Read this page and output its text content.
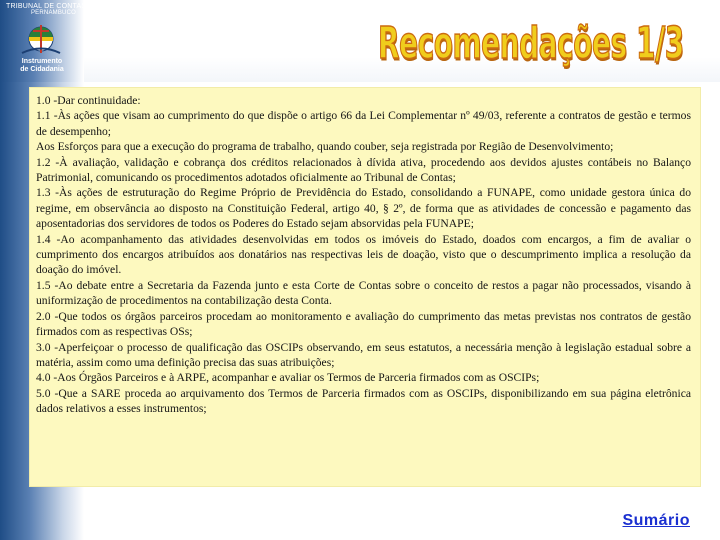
TRIBUNAL DE CONTAS
PERNAMBUCO
Instrumento
de Cidadania
Recomendações 1/3

1.0 -Dar continuidade:

1.1 -Às ações que visam ao cumprimento do que dispõe o artigo 66 da Lei Complementar nº 49/03, referente a contratos de gestão e termos de desempenho;

Aos Esforços para que a execução do programa de trabalho, quando couber, seja registrada por Região de Desenvolvimento;

1.2 -À avaliação, validação e cobrança dos créditos relacionados à dívida ativa, procedendo aos devidos ajustes contábeis no Balanço Patrimonial, comunicando os procedimentos adotados oficialmente ao Tribunal de Contas;

1.3 -Às ações de estruturação do Regime Próprio de Previdência do Estado, consolidando a FUNAPE, como unidade gestora única do regime, em observância ao disposto na Constituição Federal, artigo 40, § 2º, de forma que as atividades de concessão e pagamento das aposentadorias dos servidores de todos os Poderes do Estado sejam absorvidas pela FUNAPE;

1.4 -Ao acompanhamento das atividades desenvolvidas em todos os imóveis do Estado, doados com encargos, a fim de avaliar o cumprimento dos encargos atribuídos aos donatários nas respectivas leis de doação, visto que o descumprimento implica a resolução da doação do imóvel.

1.5 -Ao debate entre a Secretaria da Fazenda junto e esta Corte de Contas sobre o conceito de restos a pagar não processados, visando à uniformização de procedimentos na contabilização desta Conta.

2.0 -Que todos os órgãos parceiros procedam ao monitoramento e avaliação do cumprimento das metas previstas nos contratos de gestão firmados com as respectivas OSs;

3.0 -Aperfeiçoar o processo de qualificação das OSCIPs observando, em seus estatutos, a necessária menção à legislação estadual sobre a matéria, assim como uma definição precisa das suas atribuições;

4.0 -Aos Órgãos Parceiros e à ARPE, acompanhar e avaliar os Termos de Parceria firmados com as OSCIPs;

5.0 -Que a SARE proceda ao arquivamento dos Termos de Parceria firmados com as OSCIPs, disponibilizando em sua página eletrônica dados relativos a esses instrumentos;

Sumário
